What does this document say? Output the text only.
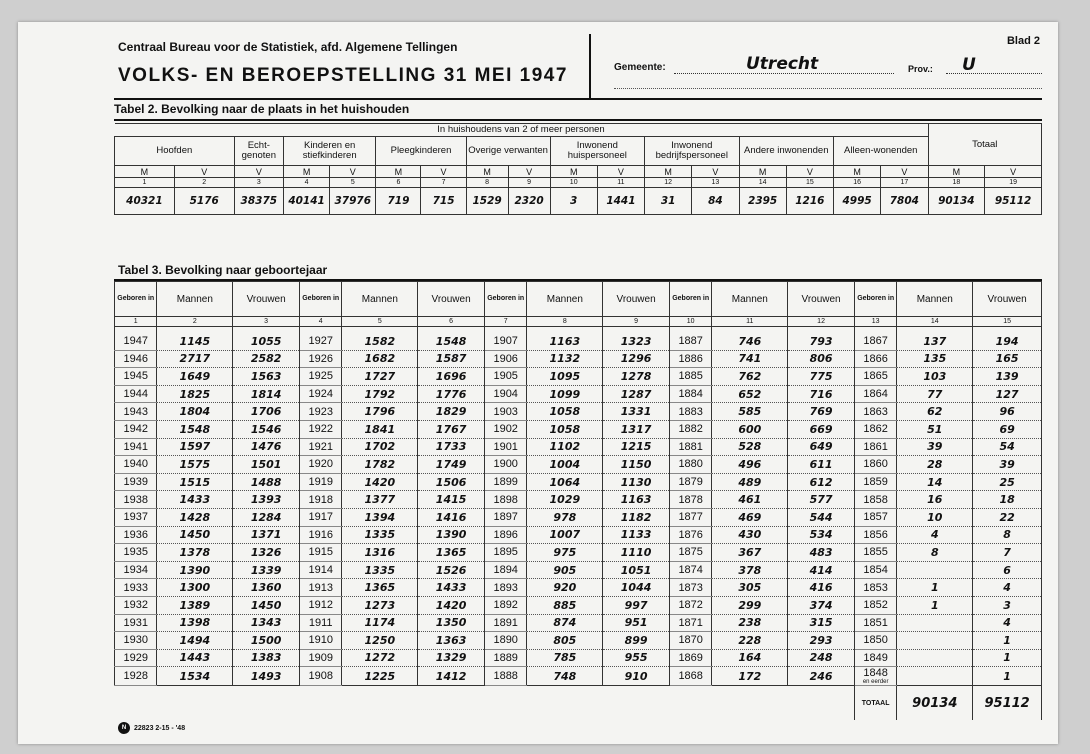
Centraal Bureau voor de Statistiek, afd. Algemene Tellingen
VOLKS- EN BEROEPSTELLING 31 MEI 1947
Blad 2
Gemeente:	Utrecht	Prov.: U
Tabel 2. Bevolking naar de plaats in het huishouden
In huishoudens van 2 of meer personen																	Totaal	
Hoofden		Echt-genoten	Kinderen en stiefkinderen		Pleegkinderen		Overige verwanten		Inwonend huispersoneel		Inwonend bedrijfspersoneel		Andere inwonenden		Alleen-wonenden			
M	V	V	M	V	M	V	M	V	M	V	M	V	M	V	M	V	M	V
1	2	3	4	5	6	7	8	9	10	11	12	13	14	15	16	17	18	19
40321	5176	38375	40141	37976	719	715	1529	2320	3	1441	31	84	2395	1216	4995	7804	90134	95112
Tabel 3. Bevolking naar geboortejaar
Geboren in	Mannen	Vrouwen	Geboren in	Mannen	Vrouwen	Geboren in	Mannen	Vrouwen	Geboren in	Mannen	Vrouwen	Geboren in	Mannen	Vrouwen
1	2	3	4	5	6	7	8	9	10	11	12	13	14	15

1947	1145	1055	1927	1582	1548	1907	1163	1323	1887	746	793	1867	137	194
1946	2717	2582	1926	1682	1587	1906	1132	1296	1886	741	806	1866	135	165
1945	1649	1563	1925	1727	1696	1905	1095	1278	1885	762	775	1865	103	139
1944	1825	1814	1924	1792	1776	1904	1099	1287	1884	652	716	1864	77	127
1943	1804	1706	1923	1796	1829	1903	1058	1331	1883	585	769	1863	62	96
1942	1548	1546	1922	1841	1767	1902	1058	1317	1882	600	669	1862	51	69
1941	1597	1476	1921	1702	1733	1901	1102	1215	1881	528	649	1861	39	54
1940	1575	1501	1920	1782	1749	1900	1004	1150	1880	496	611	1860	28	39
1939	1515	1488	1919	1420	1506	1899	1064	1130	1879	489	612	1859	14	25
1938	1433	1393	1918	1377	1415	1898	1029	1163	1878	461	577	1858	16	18
1937	1428	1284	1917	1394	1416	1897	978	1182	1877	469	544	1857	10	22
1936	1450	1371	1916	1335	1390	1896	1007	1133	1876	430	534	1856	4	8
1935	1378	1326	1915	1316	1365	1895	975	1110	1875	367	483	1855	8	7
1934	1390	1339	1914	1335	1526	1894	905	1051	1874	378	414	1854		6
1933	1300	1360	1913	1365	1433	1893	920	1044	1873	305	416	1853	1	4
1932	1389	1450	1912	1273	1420	1892	885	997	1872	299	374	1852	1	3
1931	1398	1343	1911	1174	1350	1891	874	951	1871	238	315	1851		4
1930	1494	1500	1910	1250	1363	1890	805	899	1870	228	293	1850		1
1929	1443	1383	1909	1272	1329	1889	785	955	1869	164	248	1849		1
1928	1534	1493	1908	1225	1412	1888	748	910	1868	172	246	1848
en eerder		1
												TOTAAL	90134	95112
N	22823 2-15 - '48
